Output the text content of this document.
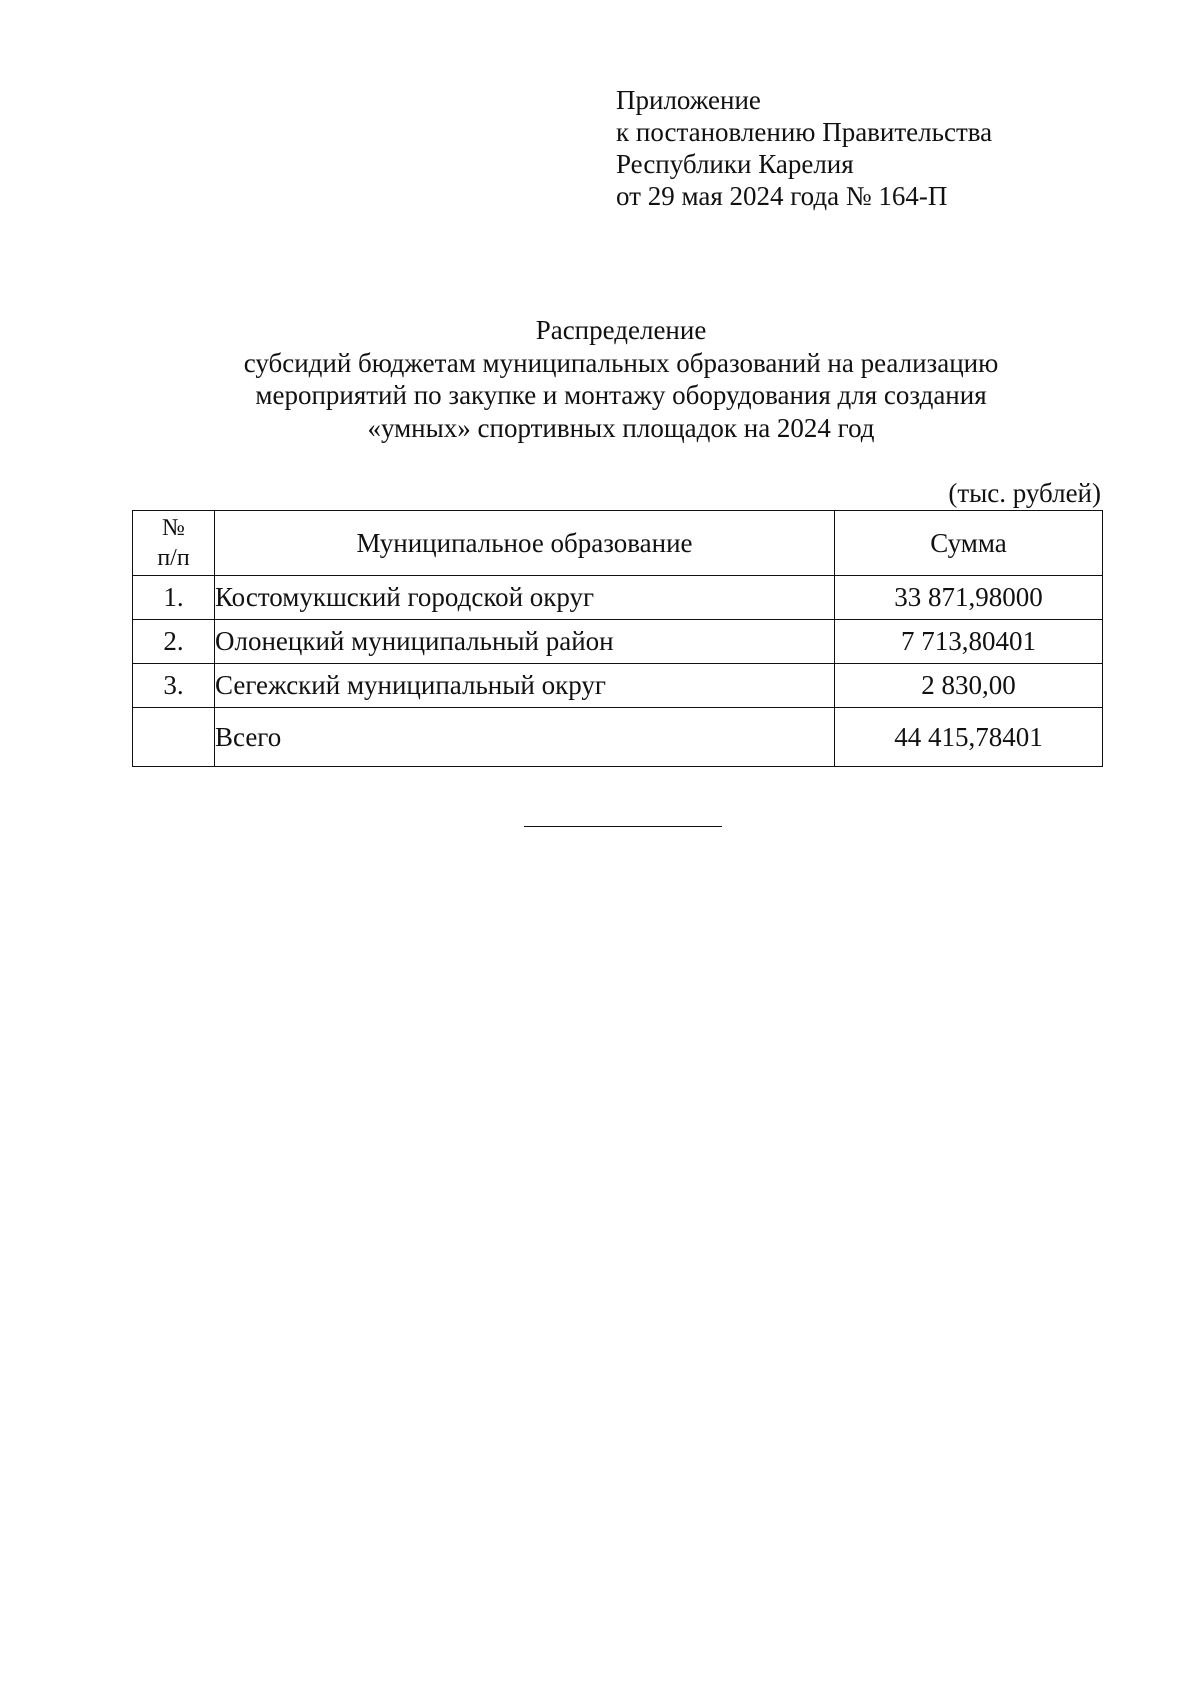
Приложение
к постановлению Правительства
Республики Карелия
от 29 мая 2024 года № 164-П
Распределение
субсидий бюджетам муниципальных образований на реализацию
мероприятий по закупке и монтажу оборудования для создания
«умных» спортивных площадок на 2024 год
(тыс. рублей)
№
п/п	Муниципальное образование	Сумма
1.	Костомукшский городской округ	33 871,98000
2.	Олонецкий муниципальный район	7 713,80401
3.	Сегежский муниципальный округ	2 830,00
	Всего	44 415,78401
